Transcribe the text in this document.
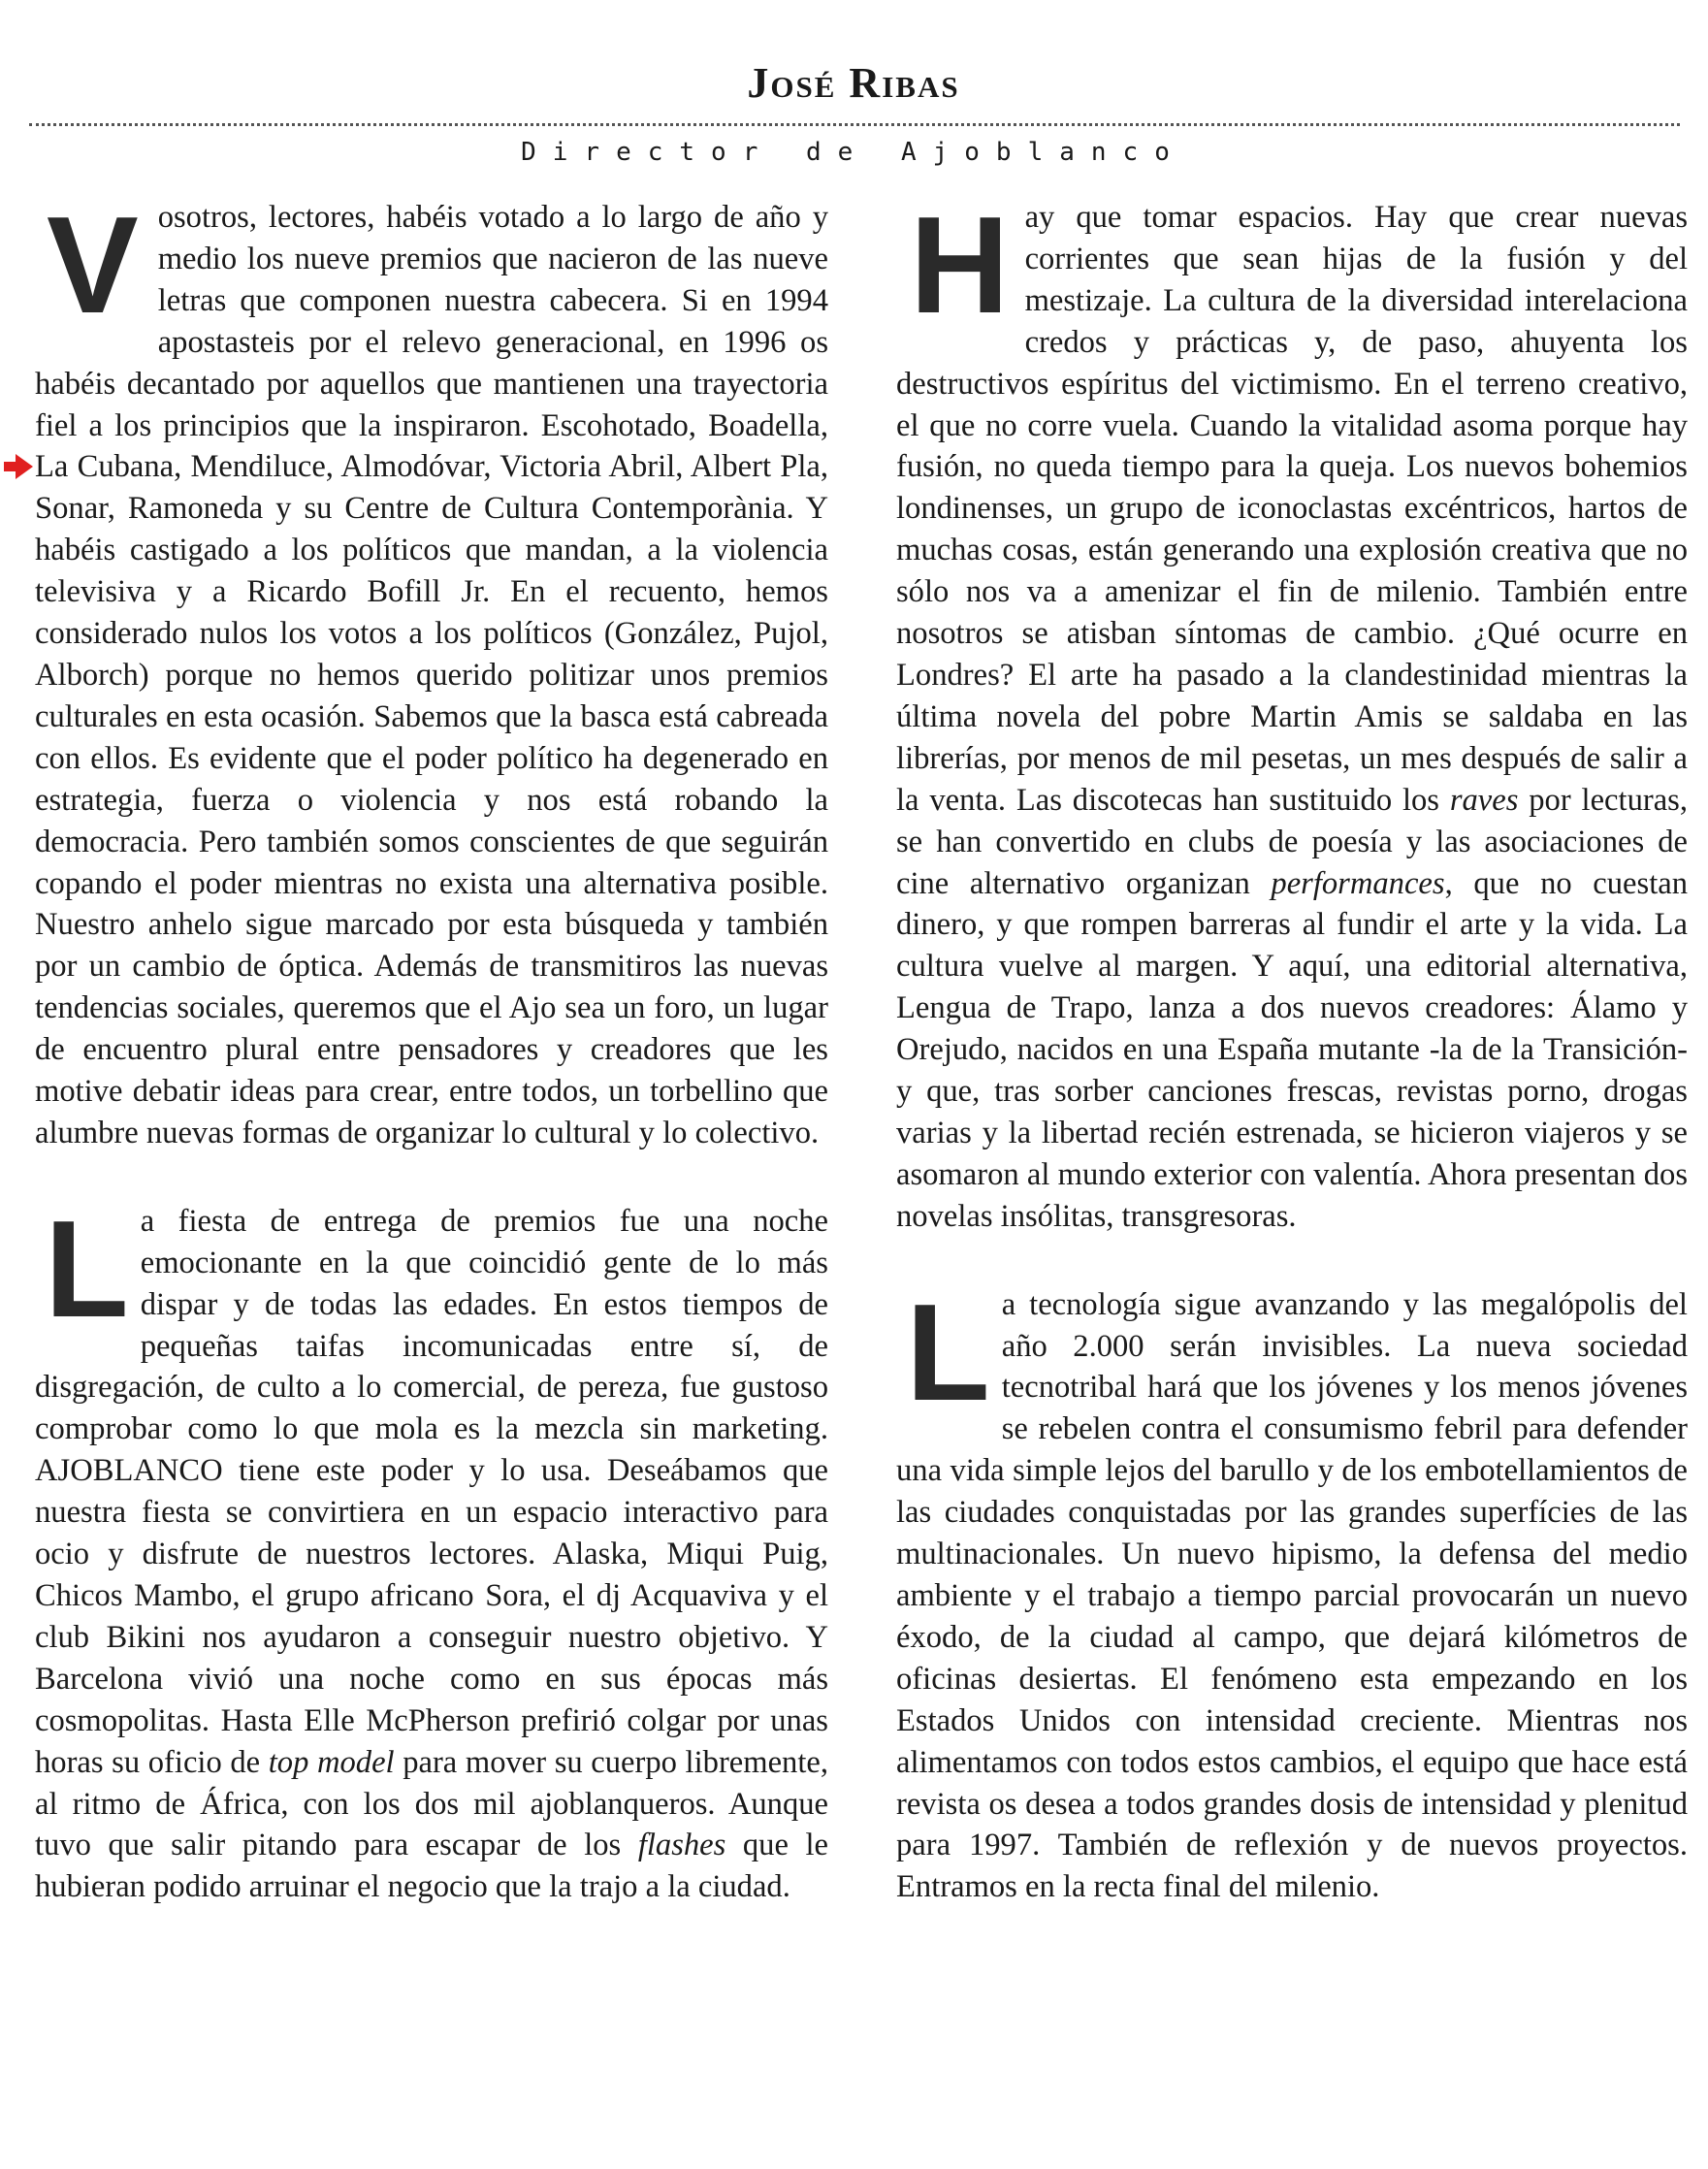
José Ribas
Director de Ajoblanco

V osotros, lectores, habéis votado a lo largo de año y medio los nueve premios que nacieron de las nueve letras que componen nuestra cabecera. Si en 1994 apostasteis por el relevo generacional, en 1996 os habéis decantado por aquellos que mantienen una trayectoria fiel a los principios que la inspiraron. Escohotado, Boadella, La Cubana, Mendiluce, Almodóvar, Victoria Abril, Albert Pla, Sonar, Ramoneda y su Centre de Cultura Contemporània. Y habéis castigado a los políticos que mandan, a la violencia televisiva y a Ricardo Bofill Jr. En el recuento, hemos considerado nulos los votos a los políticos (González, Pujol, Alborch) porque no hemos querido politizar unos premios culturales en esta ocasión. Sabemos que la basca está cabreada con ellos. Es evidente que el poder político ha degenerado en estrategia, fuerza o violencia y nos está robando la democracia. Pero también somos conscientes de que seguirán copando el poder mientras no exista una alternativa posible. Nuestro anhelo sigue marcado por esta búsqueda y también por un cambio de óptica. Además de transmitiros las nuevas tendencias sociales, queremos que el Ajo sea un foro, un lugar de encuentro plural entre pensadores y creadores que les motive debatir ideas para crear, entre todos, un torbellino que alumbre nuevas formas de organizar lo cultural y lo colectivo.

L a fiesta de entrega de premios fue una noche emocionante en la que coincidió gente de lo más dispar y de todas las edades. En estos tiempos de pequeñas taifas incomunicadas entre sí, de disgregación, de culto a lo comercial, de pereza, fue gustoso comprobar como lo que mola es la mezcla sin marketing. AJOBLANCO tiene este poder y lo usa. Deseábamos que nuestra fiesta se convirtiera en un espacio interactivo para ocio y disfrute de nuestros lectores. Alaska, Miqui Puig, Chicos Mambo, el grupo africano Sora, el dj Acquaviva y el club Bikini nos ayudaron a conseguir nuestro objetivo. Y Barcelona vivió una noche como en sus épocas más cosmopolitas. Hasta Elle McPherson prefirió colgar por unas horas su oficio de top model para mover su cuerpo libremente, al ritmo de África, con los dos mil ajoblanqueros. Aunque tuvo que salir pitando para escapar de los flashes que le hubieran podido arruinar el negocio que la trajo a la ciudad.

H ay que tomar espacios. Hay que crear nuevas corrientes que sean hijas de la fusión y del mestizaje. La cultura de la diversidad interelaciona credos y prácticas y, de paso, ahuyenta los destructivos espíritus del victimismo. En el terreno creativo, el que no corre vuela. Cuando la vitalidad asoma porque hay fusión, no queda tiempo para la queja. Los nuevos bohemios londinenses, un grupo de iconoclastas excéntricos, hartos de muchas cosas, están generando una explosión creativa que no sólo nos va a amenizar el fin de milenio. También entre nosotros se atisban síntomas de cambio. ¿Qué ocurre en Londres? El arte ha pasado a la clandestinidad mientras la última novela del pobre Martin Amis se saldaba en las librerías, por menos de mil pesetas, un mes después de salir a la venta. Las discotecas han sustituido los raves por lecturas, se han convertido en clubs de poesía y las asociaciones de cine alternativo organizan performances, que no cuestan dinero, y que rompen barreras al fundir el arte y la vida. La cultura vuelve al margen. Y aquí, una editorial alternativa, Lengua de Trapo, lanza a dos nuevos creadores: Álamo y Orejudo, nacidos en una España mutante -la de la Transición- y que, tras sorber canciones frescas, revistas porno, drogas varias y la libertad recién estrenada, se hicieron viajeros y se asomaron al mundo exterior con valentía. Ahora presentan dos novelas insólitas, transgresoras.

L a tecnología sigue avanzando y las megalópolis del año 2.000 serán invisibles. La nueva sociedad tecnotribal hará que los jóvenes y los menos jóvenes se rebelen contra el consumismo febril para defender una vida simple lejos del barullo y de los embotellamientos de las ciudades conquistadas por las grandes superfícies de las multinacionales. Un nuevo hipismo, la defensa del medio ambiente y el trabajo a tiempo parcial provocarán un nuevo éxodo, de la ciudad al campo, que dejará kilómetros de oficinas desiertas. El fenómeno esta empezando en los Estados Unidos con intensidad creciente. Mientras nos alimentamos con todos estos cambios, el equipo que hace está revista os desea a todos grandes dosis de intensidad y plenitud para 1997. También de reflexión y de nuevos proyectos. Entramos en la recta final del milenio.
